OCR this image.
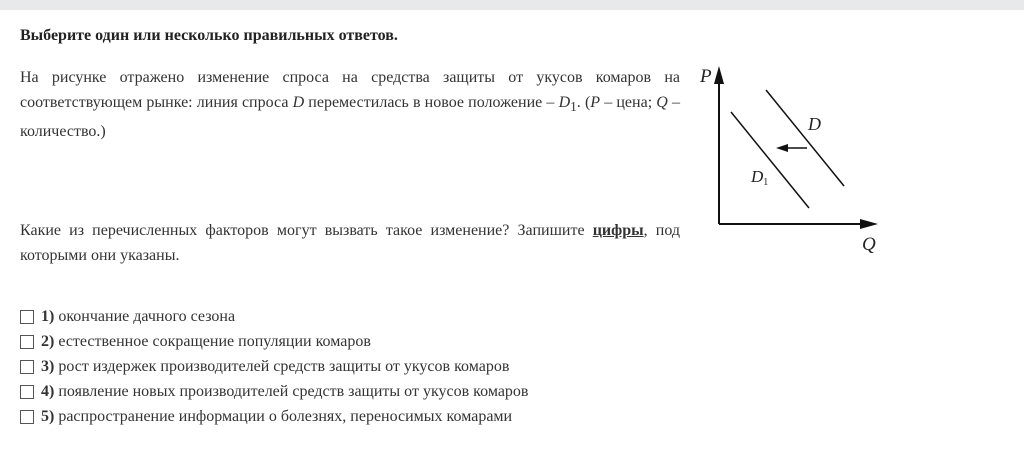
Выберите один или несколько правильных ответов.
На рисунке отражено изменение спроса на средства защиты от укусов комаров на соответствующем рынке: линия спроса D переместилась в новое положение – $D_1$. (P – цена; Q – количество.)
Какие из перечисленных факторов могут вызвать такое изменение? Запишите цифры, под которыми они указаны.
1) окончание дачного сезона
2) естественное сокращение популяции комаров
3) рост издержек производителей средств защиты от укусов комаров
4) появление новых производителей средств защиты от укусов комаров
5) распространение информации о болезнях, переносимых комарами
P
Q
D
D1
